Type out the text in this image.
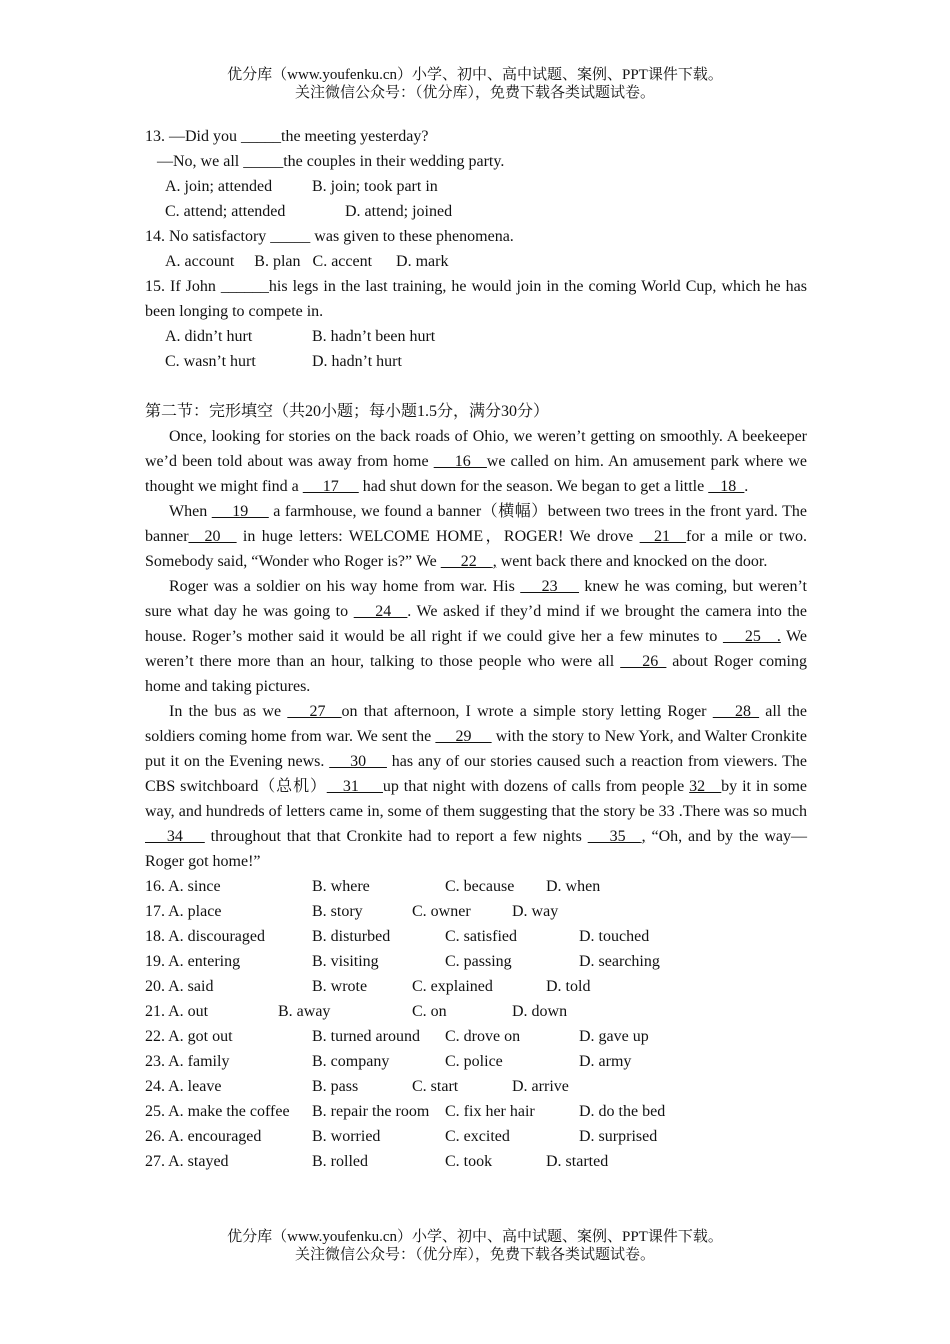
优分库（www.youfenku.cn）小学、初中、高中试题、案例、PPT课件下载。
关注微信公众号：（优分库），免费下载各类试题试卷。
13. —Did you _____the meeting yesterday?
—No, we all _____the couples in their wedding party.
A. join; attended B. join; took part in
C. attend; attended	D. attend; joined
14. No satisfactory _____ was given to these phenomena.
A. account     B. plan   C. accent      D. mark
15. If John ______his legs in the last training, he would join in the coming World Cup, which he has been longing to compete in.
A. didn’t hurt	B. hadn’t been hurt
C. wasn’t hurt	D. hadn’t hurt
第二节：完形填空（共20小题；每小题1.5分，满分30分）
Once, looking for stories on the back roads of Ohio, we weren’t getting on smoothly. A beekeeper we’d been told about was away from home  __16__we called on him. An amusement park where we thought we might find a  __17__  had shut down for the season. We began to get a little  _18_.
When  __19__  a farmhouse, we found a banner（横幅）between two trees in the front yard. The banner__20__ in huge letters: WELCOME HOME，ROGER! We drove  _21__for a mile or two. Somebody said, “Wonder who Roger is?” We  __22__, went back there and knocked on the door.
Roger was a soldier on his way home from war. His  __23__  knew he was coming, but weren’t sure what day he was going to  __24__. We asked if they’d mind if we brought the camera into the house. Roger’s mother said it would be all right if we could give her a few minutes to     25__. We weren’t there more than an hour, talking to those people who were all  __26_ about Roger coming home and taking pictures.
In the bus as we  __27__on that afternoon, I wrote a simple story letting Roger  __28_ all the soldiers coming home from war. We sent the  __29__  with the story to New York, and Walter Cronkite put it on the Evening news.  __30__  has any of our stories caused such a reaction from viewers. The CBS switchboard（总机）__31___up that night with dozens of calls from people 32__by it in some way, and hundreds of letters came in, some of them suggesting that the story be 33 .There was so much  __34__  throughout that that Cronkite had to report a few nights  __35__, “Oh, and by the way—Roger got home!”
16. A. since	B. where	C. because D. when
17. A. place	B. story	C. owner	D. way
18. A. discouraged	B. disturbed	C. satisfied	D. touched
19. A. entering	B. visiting	C. passing	D. searching
20. A. said	B. wrote	C. explained	D. told
21. A. out	B. away	C. on	D. down
22. A. got out	B. turned around C. drove on	D. gave up
23. A. family	B. company	C. police	D. army
24. A. leave	B. pass	C. start	D. arrive
25. A. make the coffee B. repair the room C. fix her hair	D. do the bed
26. A. encouraged	B. worried	C. excited	D. surprised
27. A. stayed	B. rolled	C. took	D. started
优分库（www.youfenku.cn）小学、初中、高中试题、案例、PPT课件下载。
关注微信公众号：（优分库），免费下载各类试题试卷。
